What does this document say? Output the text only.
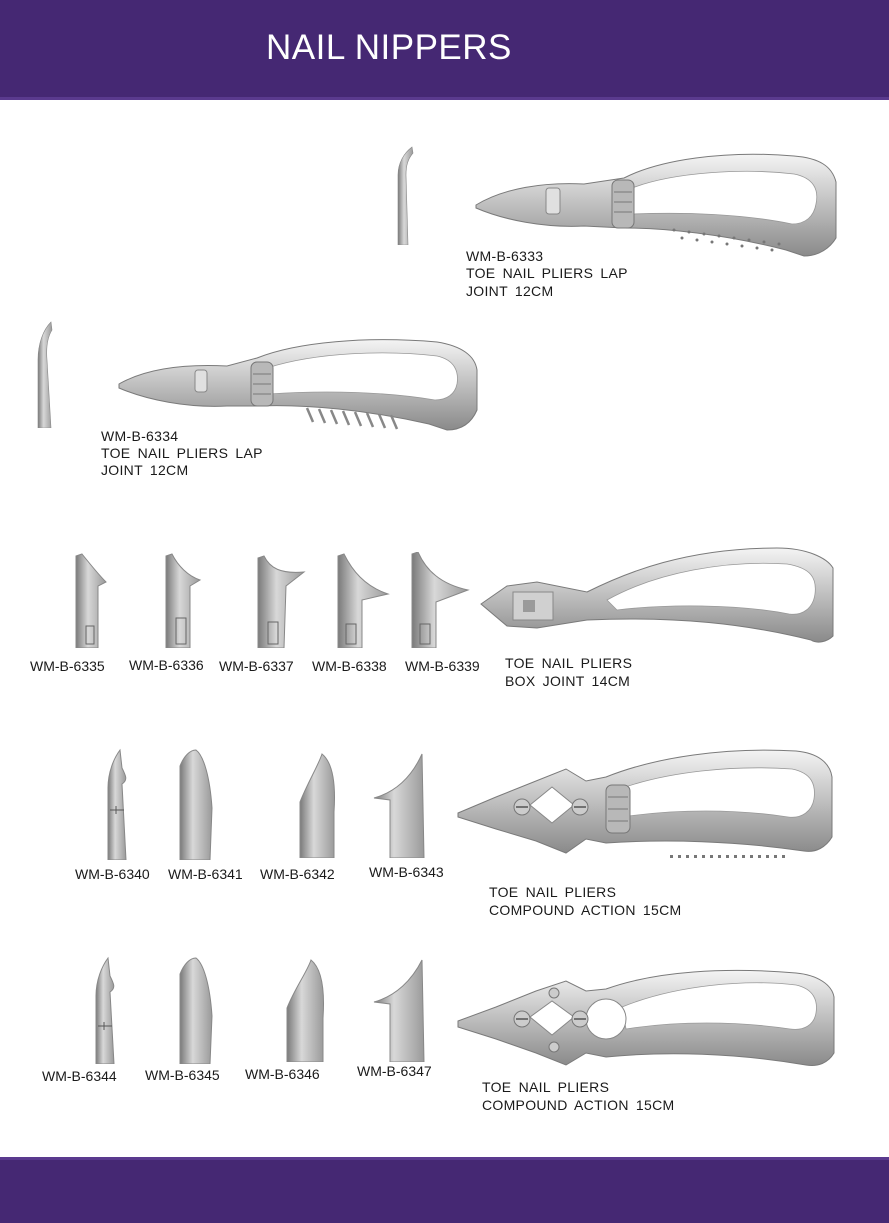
NAIL NIPPERS
WM-B-6333
TOE NAIL PLIERS LAP
JOINT 12CM
WM-B-6334
TOE NAIL PLIERS LAP
JOINT 12CM
WM-B-6335 WM-B-6336 WM-B-6337 WM-B-6338 WM-B-6339 TOE NAIL PLIERS
BOX JOINT 14CM
WM-B-6340 WM-B-6341 WM-B-6342 WM-B-6343
TOE NAIL PLIERS
COMPOUND ACTION 15CM
WM-B-6344 WM-B-6345 WM-B-6346	WM-B-6347
TOE NAIL PLIERS
COMPOUND ACTION 15CM
